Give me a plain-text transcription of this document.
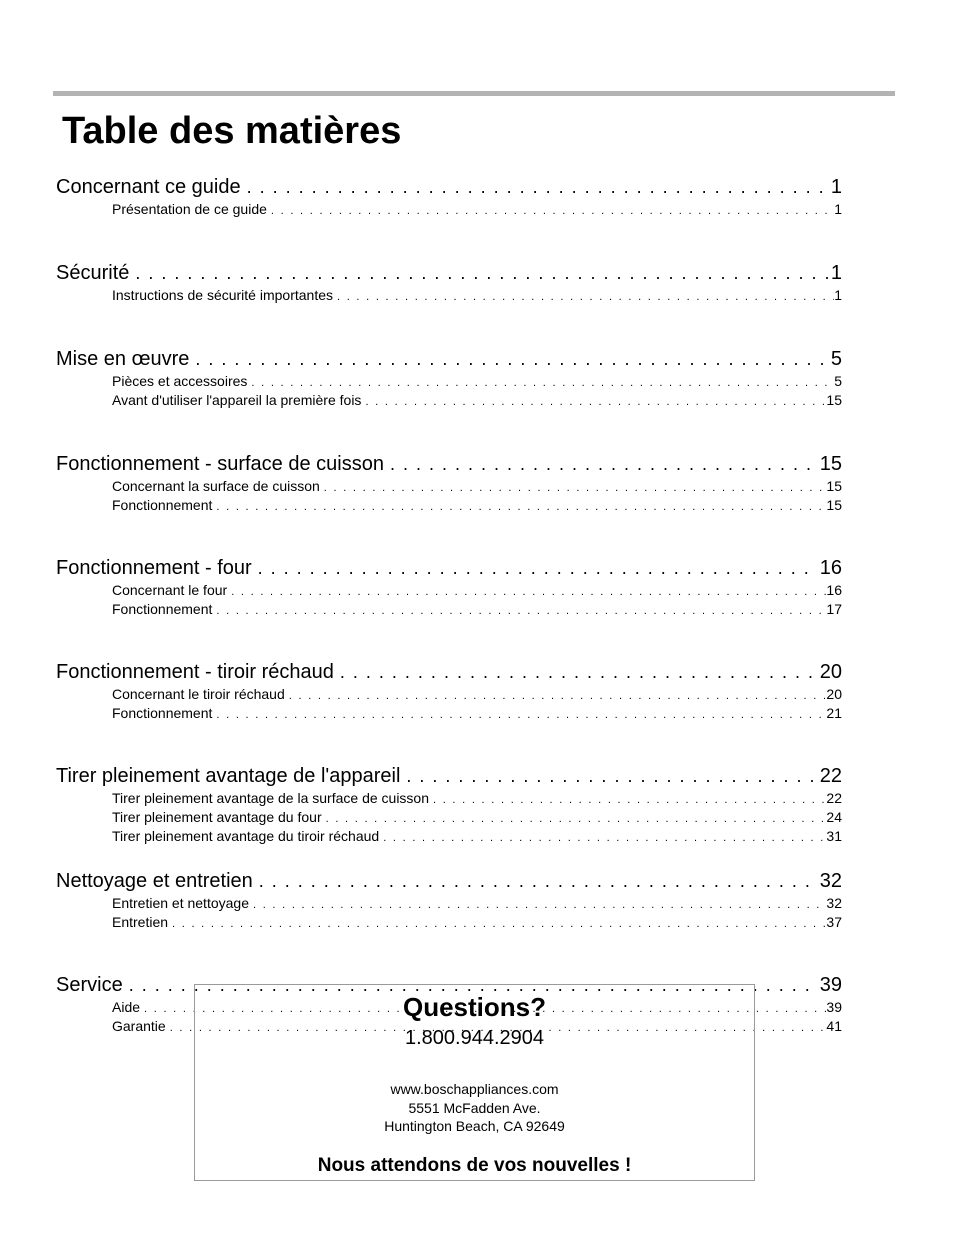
Table des matières
Concernant ce guide . . .	1
Présentation de ce guide . . .	1
Sécurité . . .	1
Instructions de sécurité importantes . . .	1
Mise en œuvre . . .	5
Pièces et accessoires . . .	5
Avant d'utiliser l'appareil la première fois . . .	15
Fonctionnement - surface de cuisson . . .	15
Concernant la surface de cuisson . . .	15
Fonctionnement . . .	15
Fonctionnement - four . . .	16
Concernant le four . . .	16
Fonctionnement . . .	17
Fonctionnement - tiroir réchaud . . .	20
Concernant le tiroir réchaud . . .	20
Fonctionnement . . .	21
Tirer pleinement avantage de l'appareil . . .	22
Tirer pleinement avantage de la surface de cuisson . . .	22
Tirer pleinement avantage du four . . .	24
Tirer pleinement avantage du tiroir réchaud . . .	31
Nettoyage et entretien . . .	32
Entretien et nettoyage . . .	32
Entretien . . .	37
Service . . .	39
Aide . . .	39
Garantie . . .	41
Questions?
1.800.944.2904
www.boschappliances.com
5551 McFadden Ave.
Huntington Beach, CA 92649
Nous attendons de vos nouvelles !
